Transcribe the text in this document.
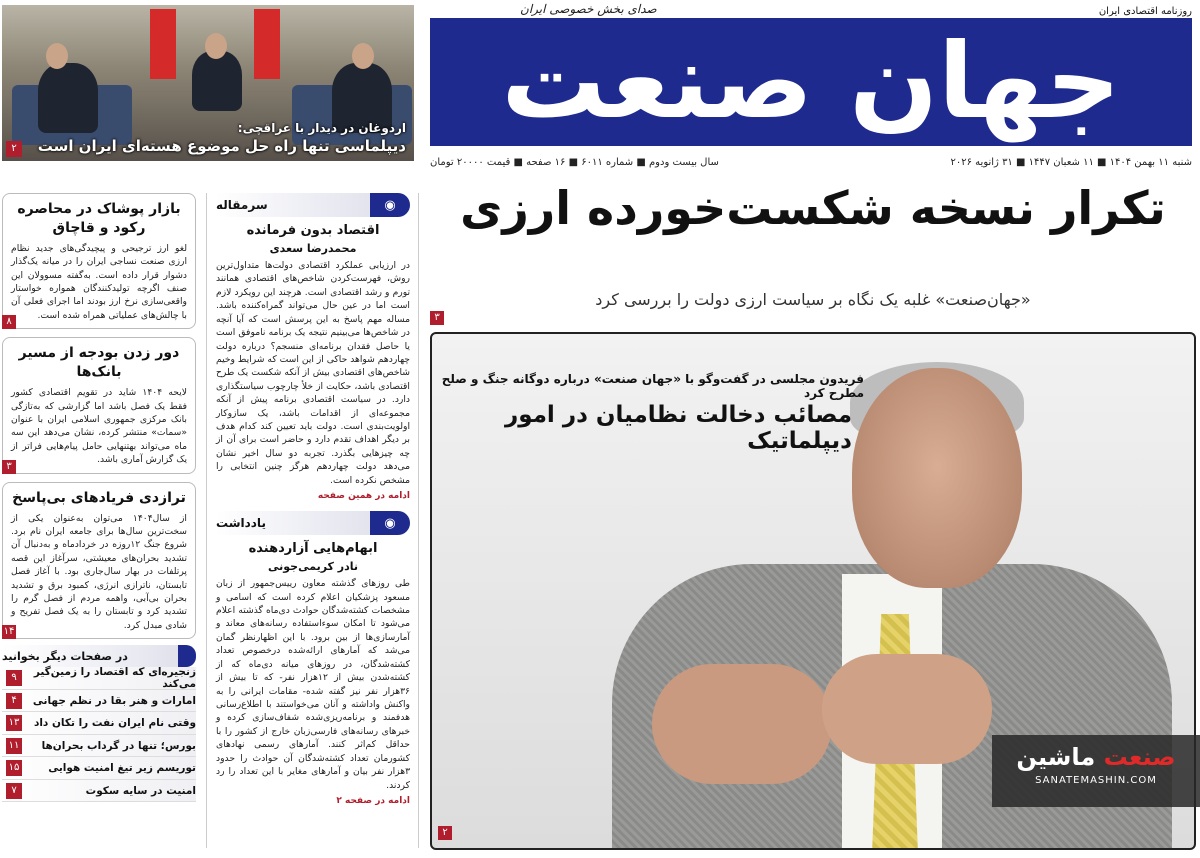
جهان صنعت
صدای بخش خصوصی ایران	روزنامه اقتصادی ایران
شنبه ۱۱ بهمن ۱۴۰۴ ■ ۱۱ شعبان ۱۴۴۷ ■ ۳۱ ژانویه ۲۰۲۶
سال بیست ودوم ■ شماره ۶۰۱۱ ■ ۱۶ صفحه ■ قیمت ۲۰۰۰۰ تومان
اردوغان در دیدار با عراقچی:
دیپلماسی تنها راه حل موضوع هسته‌ای ایران است
۲
تکرار نسخه شکست‌خورده ارزی
«جهان‌صنعت» غلبه یک نگاه بر سیاست ارزی دولت را بررسی کرد
۳
فریدون مجلسی در گفت‌وگو با «جهان صنعت» درباره دوگانه جنگ و صلح مطرح کرد
مصائب دخالت نظامیان در امور دیپلماتیک
۲
صنعت ماشین
SANATEMASHIN.COM
◉
سرمقاله
اقتصاد بدون فرمانده
محمدرضا سعدی
در ارزیابی عملکرد اقتصادی دولت‌ها متداول‌ترین روش، فهرست‌کردن شاخص‌های اقتصادی همانند تورم و رشد اقتصادی است. هرچند این رویکرد لازم است اما در عین حال می‌تواند گمراه‌کننده باشد. مساله مهم پاسخ به این پرسش است که آیا آنچه در شاخص‌ها می‌بینیم نتیجه یک برنامه ناموفق است یا حاصل فقدان برنامه‌ای منسجم؟ درباره دولت چهاردهم شواهد حاکی از این است که شرایط وخیم شاخص‌های اقتصادی بیش از آنکه شکست یک طرح اقتصادی باشد، حکایت از خلأ چارچوب سیاستگذاری دارد. در سیاست اقتصادی برنامه پیش از آنکه مجموعه‌ای از اقدامات باشد، یک سازوکار اولویت‌بندی است. دولت باید تعیین کند کدام هدف بر دیگر اهداف تقدم دارد و حاضر است برای آن از چه چیزهایی بگذرد. تجربه دو سال اخیر نشان می‌دهد دولت چهاردهم هرگز چنین انتخابی را مشخص نکرده است.
ادامه در همین صفحه
◉
یادداشت
ابهام‌هایی آزاردهنده
نادر کریمی‌جونی
طی روزهای گذشته معاون رییس‌جمهور از زبان مسعود پزشکیان اعلام کرده است که اسامی و مشخصات کشته‌شدگان حوادث دی‌ماه گذشته اعلام می‌شود تا امکان سوءاستفاده رسانه‌های معاند و آمارسازی‌ها از بین برود. با این اظهارنظر گمان می‌شد که آمارهای ارائه‌شده درخصوص تعداد کشته‌شدگان، در روزهای میانه دی‌ماه که از کشته‌شدن بیش از ۱۲هزار نفر- که تا بیش از ۳۶هزار نفر نیز گفته شده- مقامات ایرانی را به واکنش واداشته و آنان می‌خواستند با اطلاع‌رسانی هدفمند و برنامه‌ریزی‌شده شفاف‌سازی کرده و خبرهای رسانه‌های فارسی‌زبان خارج از کشور را با حداقل کم‌اثر کنند. آمارهای رسمی نهادهای کشورمان تعداد کشته‌شدگان آن حوادث را حدود ۳هزار نفر بیان و آمارهای مغایر با این تعداد را رد کردند.
ادامه در صفحه ۲
بازار پوشاک در محاصره رکود و قاچاق
لغو ارز ترجیحی و پیچیدگی‌های جدید نظام ارزی صنعت نساجی ایران را در میانه یک‌گذار دشوار قرار داده است. به‌گفته مسوولان این صنف اگرچه تولیدکنندگان همواره خواستار واقعی‌سازی نرخ ارز بودند اما اجرای فعلی آن با چالش‌های عملیاتی همراه شده است.
۸
دور زدن بودجه از مسیر بانک‌ها
لایحه ۱۴۰۴ شاید در تقویم اقتصادی کشور فقط یک فصل باشد اما گزارشی که به‌تازگی بانک مرکزی جمهوری اسلامی ایران با عنوان «سمات» منتشر کرده، نشان می‌دهد این سه ماه می‌تواند بهتنهایی حامل پیام‌هایی فراتر از یک گزارش آماری باشد.
۳
ترازدی فریادهای بی‌پاسخ
از سال۱۴۰۴ می‌توان به‌عنوان یکی از سخت‌ترین سال‌ها برای جامعه ایران نام برد. شروع جنگ ۱۲روزه در خردادماه و به‌دنبال آن تشدید بحران‌های معیشتی، سرآغاز این قصه پرتلفات در بهار سال‌جاری بود. با آغاز فصل تابستان، ناترازی انرژی، کمبود برق و تشدید بحران بی‌آبی، واهمه مردم از فصل گرم را تشدید کرد و تابستان را به یک فصل تفریح و شادی مبدل کرد.
۱۴
در صفحات دیگر بخوانید
زنجیره‌ای که اقتصاد را زمین‌گیر می‌کند
۹
امارات و هنر بقا در نظم جهانی
۴
وقتی نام ایران نفت را تکان داد
۱۳
بورس؛ تنها در گرداب بحران‌ها
۱۱
توریسم زیر تیغ امنیت هوایی
۱۵
امنیت در سایه سکوت
۷
